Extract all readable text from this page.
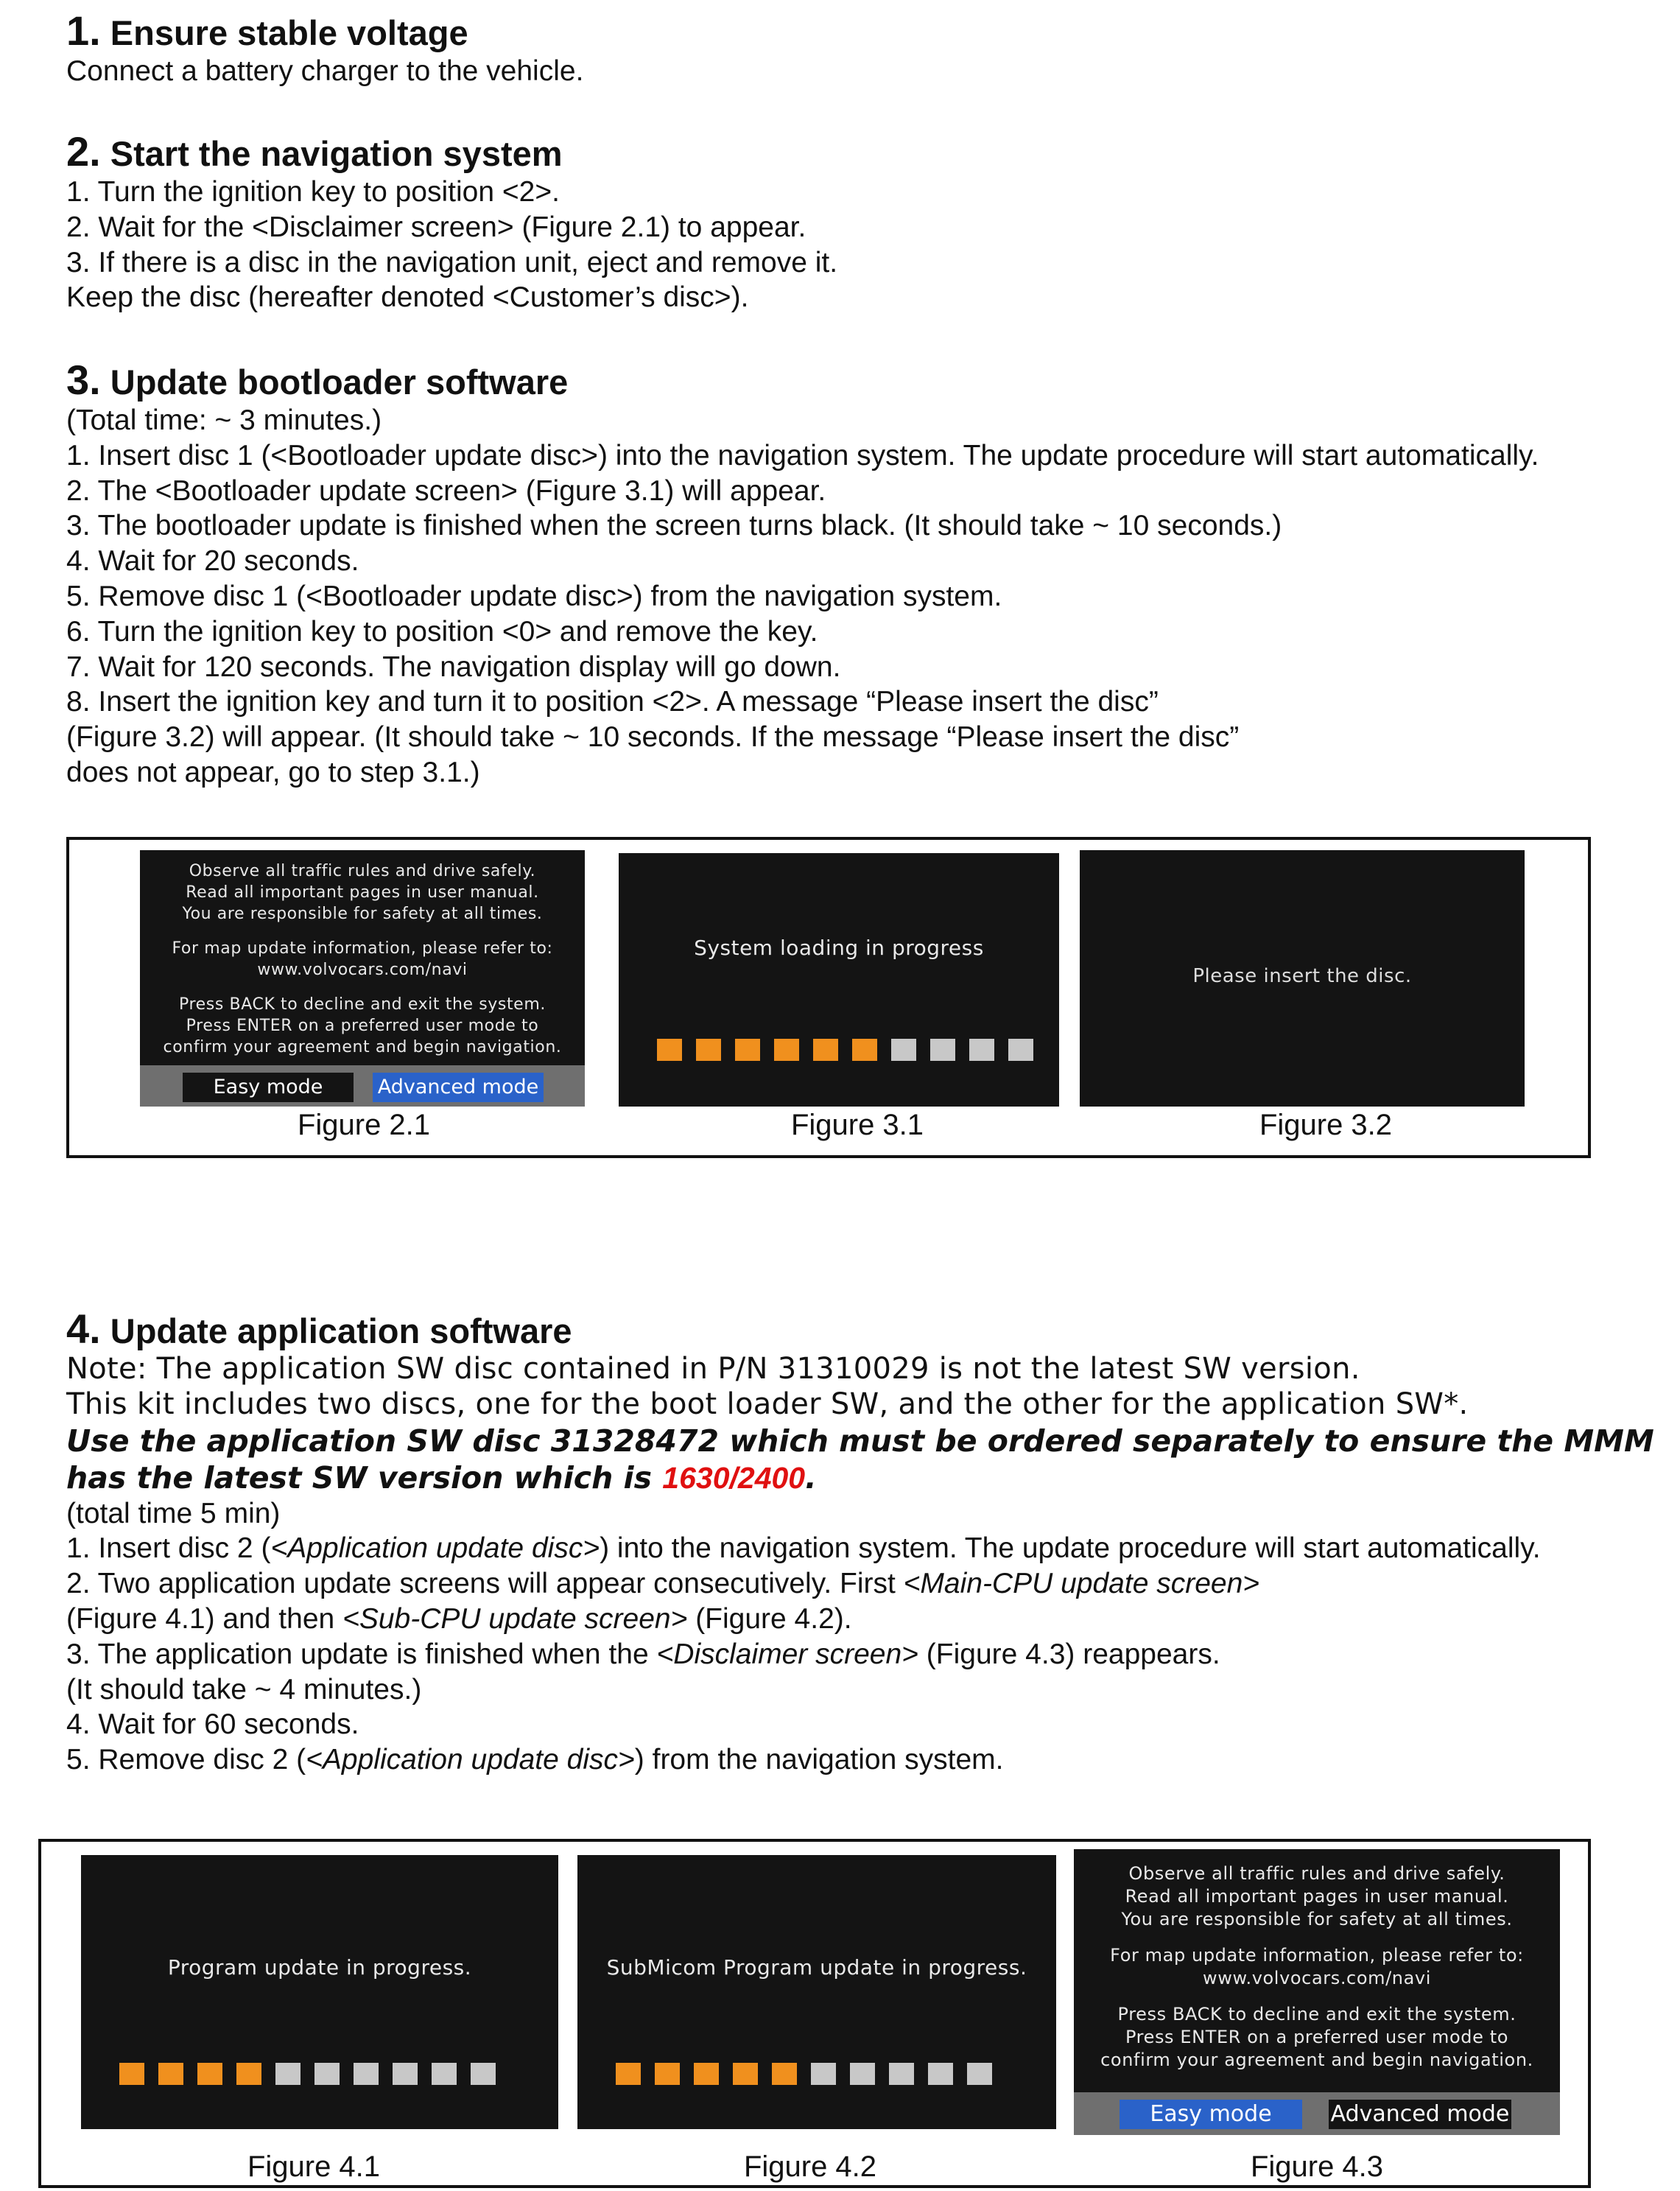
1. Ensure stable voltage

Connect a battery charger to the vehicle.

2. Start the navigation system

1. Turn the ignition key to position <2>.

2. Wait for the <Disclaimer screen> (Figure 2.1) to appear.

3. If there is a disc in the navigation unit, eject and remove it.

Keep the disc (hereafter denoted <Customer’s disc>).

3. Update bootloader software

(Total time: ~ 3 minutes.)

1. Insert disc 1 (<Bootloader update disc>) into the navigation system. The update procedure will start automatically.

2. The <Bootloader update screen> (Figure 3.1) will appear.

3. The bootloader update is finished when the screen turns black. (It should take ~ 10 seconds.)

4. Wait for 20 seconds.

5. Remove disc 1 (<Bootloader update disc>) from the navigation system.

6. Turn the ignition key to position <0> and remove the key.

7. Wait for 120 seconds. The navigation display will go down.

8. Insert the ignition key and turn it to position <2>. A message “Please insert the disc”

(Figure 3.2) will appear. (It should take ~ 10 seconds. If the message “Please insert the disc”

does not appear, go to step 3.1.)

Observe all traffic rules and drive safely.
Read all important pages in user manual.
You are responsible for safety at all times.
For map update information, please refer to:
www.volvocars.com/navi
Press BACK to decline and exit the system.
Press ENTER on a preferred user mode to
confirm your agreement and begin navigation.
Easy mode	Advanced mode
Figure 2.1
System loading in progress
Figure 3.1
Please insert the disc.
Figure 3.2

4. Update application software

Note: The application SW disc contained in P/N 31310029 is not the latest SW version.

This kit includes two discs, one for the boot loader SW, and the other for the application SW*.

Use the application SW disc 31328472 which must be ordered separately to ensure the MMM

has the latest SW version which is 1630/2400.

(total time 5 min)

1. Insert disc 2 (<Application update disc>) into the navigation system. The update procedure will start automatically.

2. Two application update screens will appear consecutively. First <Main-CPU update screen>

(Figure 4.1) and then <Sub-CPU update screen> (Figure 4.2).

3. The application update is finished when the <Disclaimer screen> (Figure 4.3) reappears.

(It should take ~ 4 minutes.)

4. Wait for 60 seconds.

5. Remove disc 2 (<Application update disc>) from the navigation system.

Program update in progress.
Figure 4.1
SubMicom Program update in progress.
Figure 4.2
Observe all traffic rules and drive safely.
Read all important pages in user manual.
You are responsible for safety at all times.
For map update information, please refer to:
www.volvocars.com/navi
Press BACK to decline and exit the system.
Press ENTER on a preferred user mode to
confirm your agreement and begin navigation.
Easy mode	Advanced mode
Figure 4.3
